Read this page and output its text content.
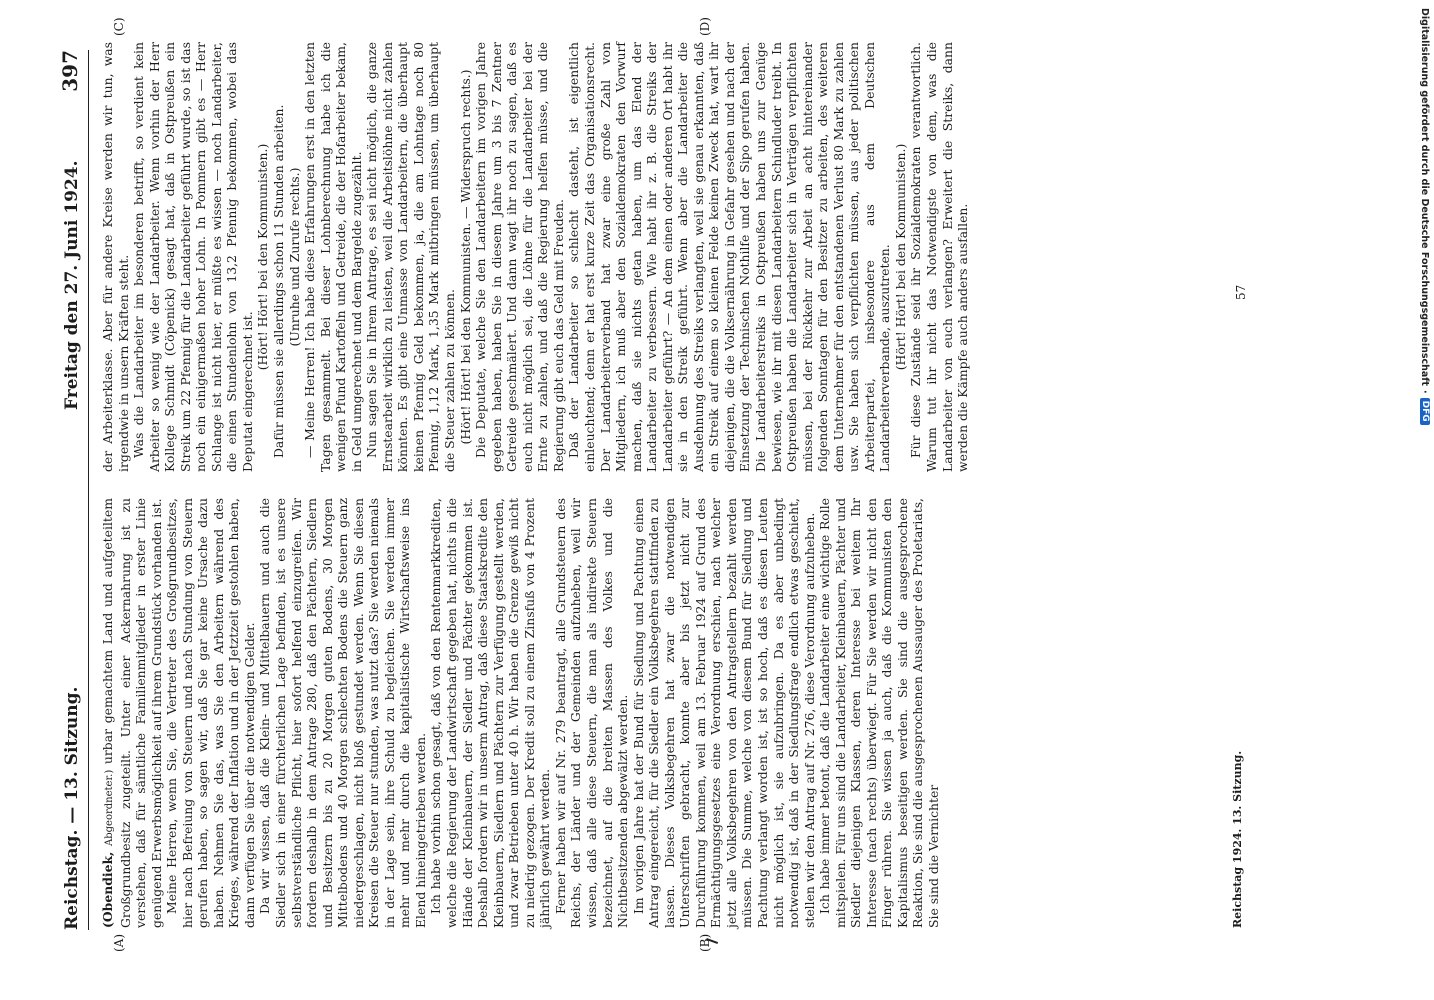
Reichstag. — 13. Sitzung.
Freitag den 27. Juni 1924.
397
(A)	(B)
(C)	(D)

(Obendiek, Abgeordneter.) urbar gemachtem Land und aufgeteiltem Großgrundbesitz zugeteilt. Unter einer Ackernahrung ist zu verstehen, daß für sämtliche Familienmitglieder in erster Linie genügend Erwerbsmöglichkeit auf ihrem Grundstück vorhanden ist. Meine Herren, wenn Sie, die Vertreter des Großgrundbesitzes, hier nach Befreiung von Steuern und nach Stundung von Steuern gerufen haben, so sagen wir, daß Sie gar keine Ursache dazu haben. Nehmen Sie das, was Sie den Arbeitern während des Krieges, während der Inflation und in der Jetztzeit gestohlen haben, dann verfügen Sie über die notwendigen Gelder. Da wir wissen, daß die Klein- und Mittelbauern und auch die Siedler sich in einer fürchterlichen Lage befinden, ist es unsere selbstverständliche Pflicht, hier sofort helfend einzugreifen. Wir fordern deshalb in dem Antrage 280, daß den Pächtern, Siedlern und Besitzern bis zu 20 Morgen guten Bodens, 30 Morgen Mittelbodens und 40 Morgen schlechten Bodens die Steuern ganz niedergeschlagen, nicht bloß gestundet werden. Wenn Sie diesen Kreisen die Steuer nur stunden, was nutzt das? Sie werden niemals in der Lage sein, ihre Schuld zu begleichen. Sie werden immer mehr und mehr durch die kapitalistische Wirtschaftsweise ins Elend hineingetrieben werden. Ich habe vorhin schon gesagt, daß von den Rentenmarkkrediten, welche die Regierung der Landwirtschaft gegeben hat, nichts in die Hände der Kleinbauern, der Siedler und Pächter gekommen ist. Deshalb fordern wir in unserm Antrag, daß diese Staatskredite den Kleinbauern, Siedlern und Pächtern zur Verfügung gestellt werden, und zwar Betrieben unter 40 h. Wir haben die Grenze gewiß nicht zu niedrig gezogen. Der Kredit soll zu einem Zinsfuß von 4 Prozent jährlich gewährt werden. Ferner haben wir auf Nr. 279 beantragt, alle Grundsteuern des Reichs, der Länder und der Gemeinden aufzuheben, weil wir wissen, daß alle diese Steuern, die man als indirekte Steuern bezeichnet, auf die breiten Massen des Volkes und die Nichtbesitzenden abgewälzt werden. Im vorigen Jahre hat der Bund für Siedlung und Pachtung einen Antrag eingereicht, für die Siedler ein Volksbegehren stattfinden zu lassen. Dieses Volksbegehren hat zwar die notwendigen Unterschriften gebracht, konnte aber bis jetzt nicht zur Durchführung kommen, weil am 13. Februar 1924 auf Grund des Ermächtigungsgesetzes eine Verordnung erschien, nach welcher jetzt alle Volksbegehren von den Antragstellern bezahlt werden müssen. Die Summe, welche von diesem Bund für Siedlung und Pachtung verlangt worden ist, ist so hoch, daß es diesen Leuten nicht möglich ist, sie aufzubringen. Da es aber unbedingt notwendig ist, daß in der Siedlungsfrage endlich etwas geschieht, stellen wir den Antrag auf Nr. 276, diese Verordnung aufzuheben. Ich habe immer betont, daß die Landarbeiter eine wichtige Rolle mitspielen. Für uns sind die Landarbeiter, Kleinbauern, Pächter und Siedler diejenigen Klassen, deren Interesse bei weitem Ihr Interesse (nach rechts) überwiegt. Für Sie werden wir nicht den Finger rühren. Sie wissen ja auch, daß die Kommunisten den Kapitalismus beseitigen werden. Sie sind die ausgesprochene Reaktion, Sie sind die ausgesprochenen Aussauger des Proletariats, Sie sind die Vernichter

der Arbeiterklasse. Aber für andere Kreise werden wir tun, was irgendwie in unsern Kräften steht. Was die Landarbeiter im besonderen betrifft, so verdient kein Arbeiter so wenig wie der Landarbeiter. Wenn vorhin der Herr Kollege Schmidt (Cöpenick) gesagt hat, daß in Ostpreußen ein Streik um 22 Pfennig für die Landarbeiter geführt wurde, so ist das noch ein einigermaßen hoher Lohn. In Pommern gibt es — Herr Schlange ist nicht hier, er müßte es wissen — noch Landarbeiter, die einen Stundenlohn von 13,2 Pfennig bekommen, wobei das Deputat eingerechnet ist.

(Hört! Hört! bei den Kommunisten.) Dafür müssen sie allerdings schon 11 Stunden arbeiten. (Unruhe und Zurufe rechts.) — Meine Herren! Ich habe diese Erfahrungen erst in den letzten Tagen gesammelt. Bei dieser Lohnberechnung habe ich die wenigen Pfund Kartoffeln und Getreide, die der Hofarbeiter bekam, in Geld umgerechnet und dem Bargelde zugezählt. Nun sagen Sie in Ihrem Antrage, es sei nicht möglich, die ganze Ernstearbeit wirklich zu leisten, weil die Arbeitslöhne nicht zahlen könnten. Es gibt eine Unmasse von Landarbeitern, die überhaupt keinen Pfennig Geld bekommen, ja, die am Lohntage noch 80 Pfennig, 1,12 Mark, 1,35 Mark mitbringen müssen, um überhaupt die Steuer zahlen zu können. (Hört! Hört! bei den Kommunisten. — Widerspruch rechts.) Die Deputate, welche Sie den Landarbeitern im vorigen Jahre gegeben haben, haben Sie in diesem Jahre um 3 bis 7 Zentner Getreide geschmälert. Und dann wagt ihr noch zu sagen, daß es euch nicht möglich sei, die Löhne für die Landarbeiter bei der Ernte zu zahlen, und daß die Regierung helfen müsse, und die Regierung gibt euch das Geld mit Freuden. Daß der Landarbeiter so schlecht dasteht, ist eigentlich einleuchtend; denn er hat erst kurze Zeit das Organisationsrecht. Der Landarbeiterverband hat zwar eine große Zahl von Mitgliedern, ich muß aber den Sozialdemokraten den Vorwurf machen, daß sie nichts getan haben, um das Elend der Landarbeiter zu verbessern. Wie habt ihr z. B. die Streiks der Landarbeiter geführt? — An dem einen oder anderen Ort habt ihr sie in den Streik geführt. Wenn aber die Landarbeiter die Ausdehnung des Streiks verlangten, weil sie genau erkannten, daß ein Streik auf einem so kleinen Felde keinen Zweck hat, wart ihr diejenigen, die die Volksernährung in Gefahr gesehen und nach der Einsetzung der Technischen Nothilfe und der Sipo gerufen haben. Die Landarbeiterstreiks in Ostpreußen haben uns zur Genüge bewiesen, wie ihr mit diesen Landarbeitern Schindluder treibt. In Ostpreußen haben die Landarbeiter sich in Verträgen verpflichten müssen, bei der Rückkehr zur Arbeit an acht hintereinander folgenden Sonntagen für den Besitzer zu arbeiten, des weiteren dem Unternehmer für den entstandenen Verlust 80 Mark zu zahlen usw. Sie haben sich verpflichten müssen, aus jeder politischen Arbeiterpartei, insbesondere aus dem Deutschen Landarbeiterverbande, auszutreten. (Hört! Hört! bei den Kommunisten.) Für diese Zustände seid ihr Sozialdemokraten verantwortlich. Warum tut ihr nicht das Notwendigste von dem, was die Landarbeiter von euch verlangen? Erweitert die Streiks, dann werden die Kämpfe auch anders ausfallen.

Reichstag 1924. 13. Sitzung.
57	Digitalisierung gefördert durch die Deutsche Forschungsgemeinschaft
·
DFG
